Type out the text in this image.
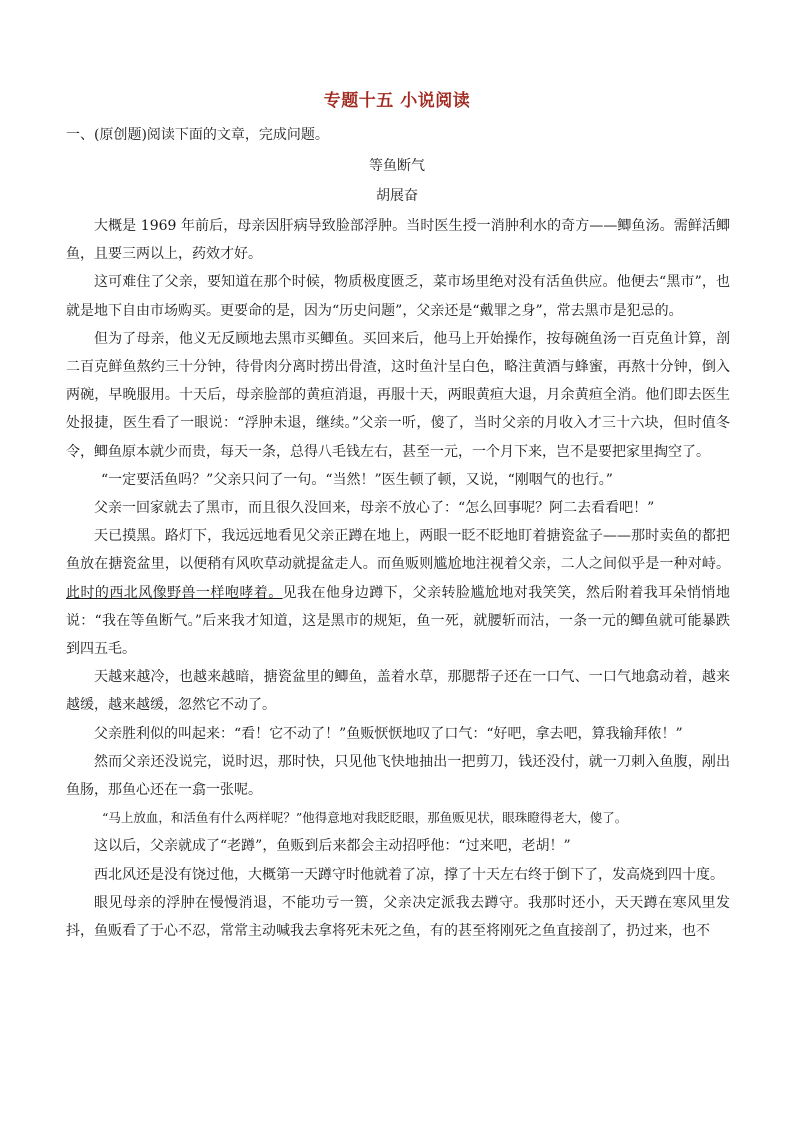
专题十五 小说阅读
一、(原创题)阅读下面的文章，完成问题。
等鱼断气
胡展奋

大概是 1969 年前后，母亲因肝病导致脸部浮肿。当时医生授一消肿利水的奇方——鲫鱼汤。需鲜活鲫鱼，且要三两以上，药效才好。

这可难住了父亲，要知道在那个时候，物质极度匮乏，菜市场里绝对没有活鱼供应。他便去“黑市”，也就是地下自由市场购买。更要命的是，因为“历史问题”，父亲还是“戴罪之身”，常去黑市是犯忌的。

但为了母亲，他义无反顾地去黑市买鲫鱼。买回来后，他马上开始操作，按每碗鱼汤一百克鱼计算，剖二百克鲜鱼熬约三十分钟，待骨肉分离时捞出骨渣，这时鱼汁呈白色，略注黄酒与蜂蜜，再熬十分钟，倒入两碗，早晚服用。十天后，母亲脸部的黄疸消退，再服十天，两眼黄疸大退，月余黄疸全消。他们即去医生处报捷，医生看了一眼说：“浮肿未退，继续。”父亲一听，傻了，当时父亲的月收入才三十六块，但时值冬令，鲫鱼原本就少而贵，每天一条，总得八毛钱左右，甚至一元，一个月下来，岂不是要把家里掏空了。

“一定要活鱼吗？”父亲只问了一句。“当然！”医生顿了顿，又说，“刚咽气的也行。”

父亲一回家就去了黑市，而且很久没回来，母亲不放心了：“怎么回事呢？阿二去看看吧！”

天已摸黑。路灯下，我远远地看见父亲正蹲在地上，两眼一眨不眨地盯着搪瓷盆子——那时卖鱼的都把鱼放在搪瓷盆里，以便稍有风吹草动就提盆走人。而鱼贩则尴尬地注视着父亲，二人之间似乎是一种对峙。此时的西北风像野兽一样咆哮着。见我在他身边蹲下，父亲转脸尴尬地对我笑笑，然后附着我耳朵悄悄地说：“我在等鱼断气。”后来我才知道，这是黑市的规矩，鱼一死，就腰斩而沽，一条一元的鲫鱼就可能暴跌到四五毛。

天越来越冷，也越来越暗，搪瓷盆里的鲫鱼，盖着水草，那腮帮子还在一口气、一口气地翕动着，越来越缓，越来越缓，忽然它不动了。

父亲胜利似的叫起来：“看！它不动了！”鱼贩恹恹地叹了口气：“好吧，拿去吧，算我输拜侬！”

然而父亲还没说完，说时迟，那时快，只见他飞快地抽出一把剪刀，钱还没付，就一刀刺入鱼腹，剐出鱼肠，那鱼心还在一翕一张呢。

“马上放血，和活鱼有什么两样呢？”他得意地对我眨眨眼，那鱼贩见状，眼珠瞪得老大，傻了。

这以后，父亲就成了“老蹲”，鱼贩到后来都会主动招呼他：“过来吧，老胡！”

西北风还是没有饶过他，大概第一天蹲守时他就着了凉，撑了十天左右终于倒下了，发高烧到四十度。

眼见母亲的浮肿在慢慢消退，不能功亏一篑，父亲决定派我去蹲守。我那时还小，天天蹲在寒风里发抖，鱼贩看了于心不忍，常常主动喊我去拿将死未死之鱼，有的甚至将刚死之鱼直接剖了，扔过来，也不
